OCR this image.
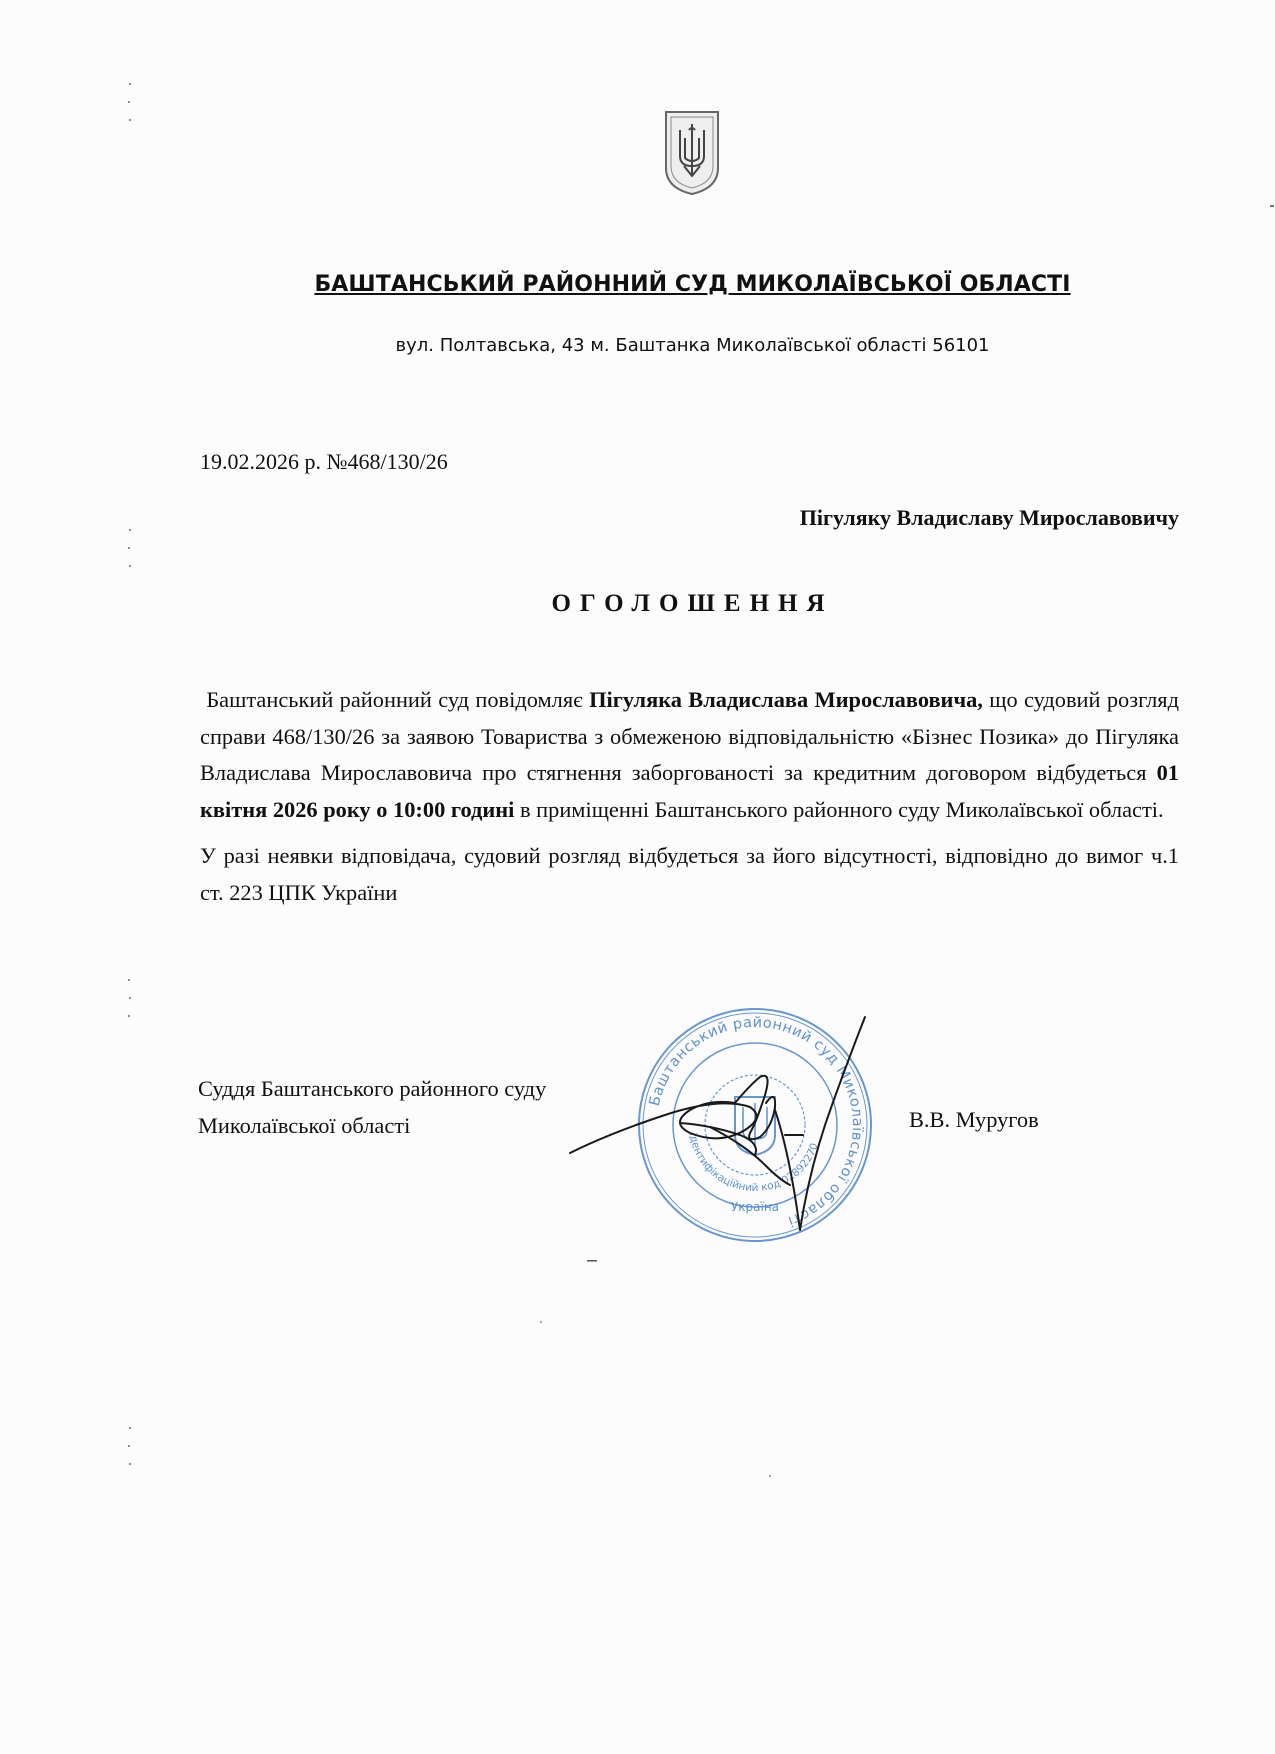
БАШТАНСЬКИЙ РАЙОННИЙ СУД МИКОЛАЇВСЬКОЇ ОБЛАСТІ
вул. Полтавська, 43 м. Баштанка Миколаївської області 56101
19.02.2026 р. №468/130/26
Пігуляку Владиславу Мирославовичу
ОГОЛОШЕННЯ

Баштанський районний суд повідомляє Пігуляка Владислава Мирославовича, що судовий розгляд справи 468/130/26 за заявою Товариства з обмеженою відповідальністю «Бізнес Позика» до Пігуляка Владислава Мирославовича про стягнення заборгованості за кредитним договором відбудеться 01 квітня 2026 року о 10:00 годині в приміщенні Баштанського районного суду Миколаївської області.

У разі неявки відповідача, судовий розгляд відбудеться за його відсутності, відповідно до вимог ч.1 ст. 223 ЦПК України

Суддя Баштанського районного суду
Миколаївської області	В.В. Муругов
Баштанський районний суд Миколаївської області
ідентифікаційний код 02892270
Україна
